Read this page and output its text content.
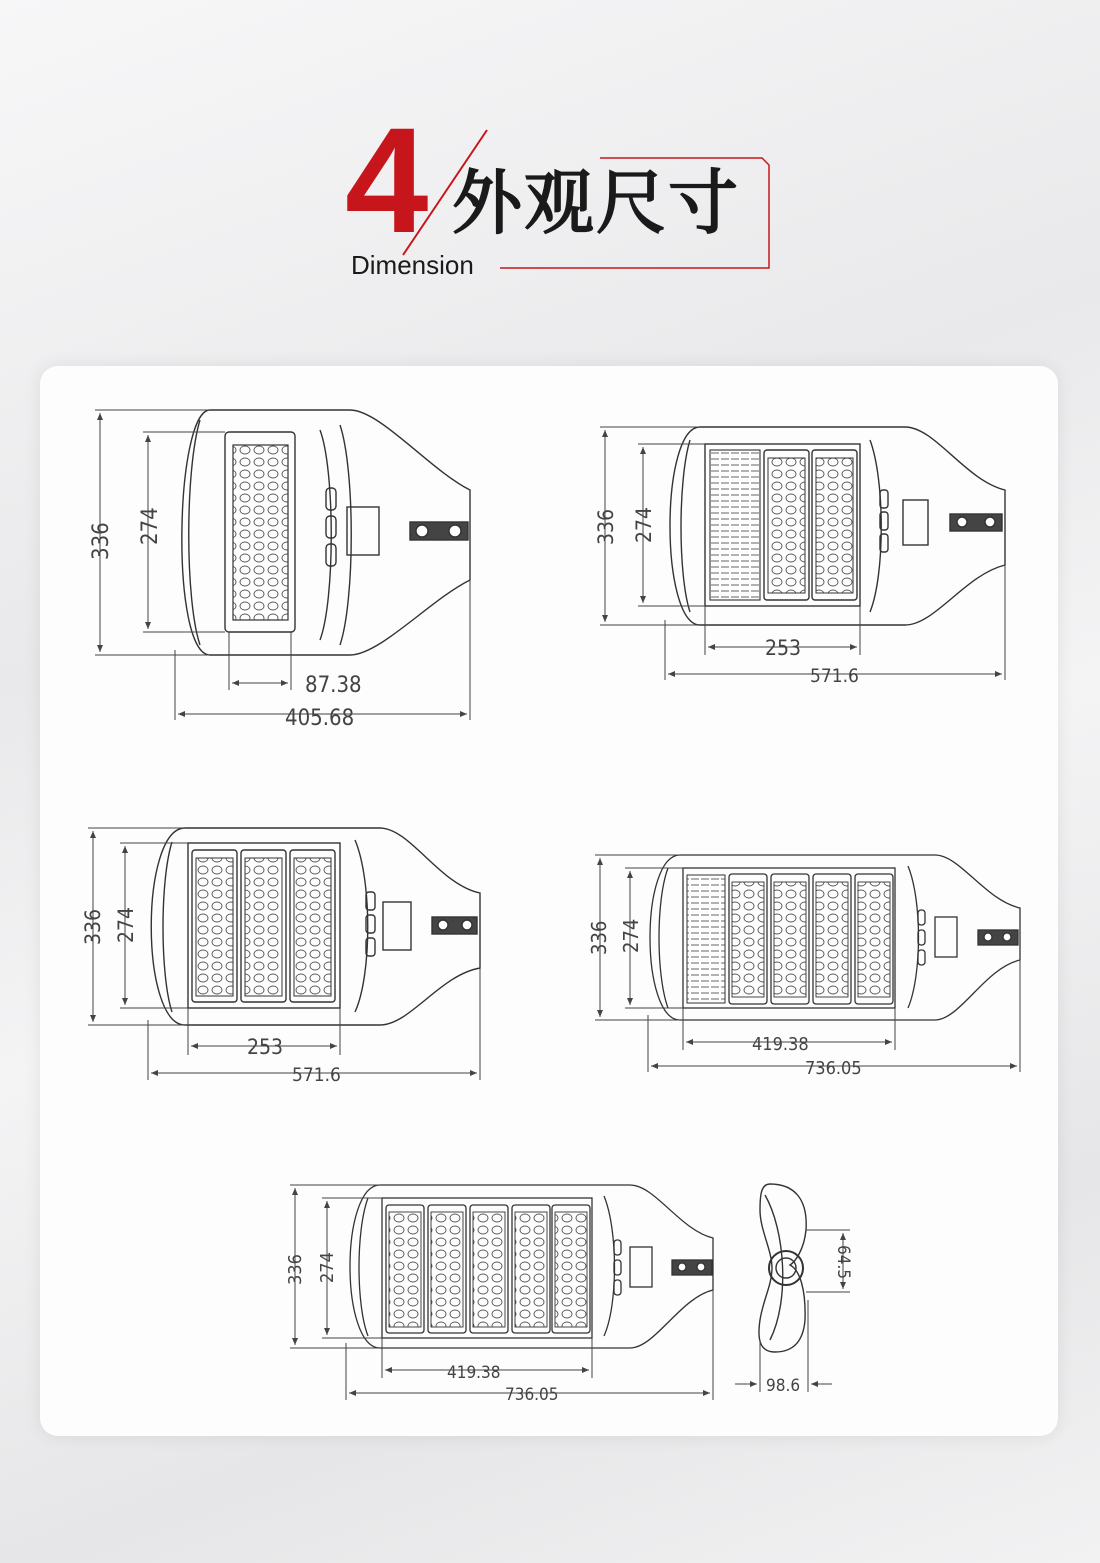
4 外观尺寸
Dimension
336 274
87.38
405.68
336 274
253
571.6
336 274
253
571.6
336 274
419.38
736.05
336 274
419.38
736.05
64.5
98.6
